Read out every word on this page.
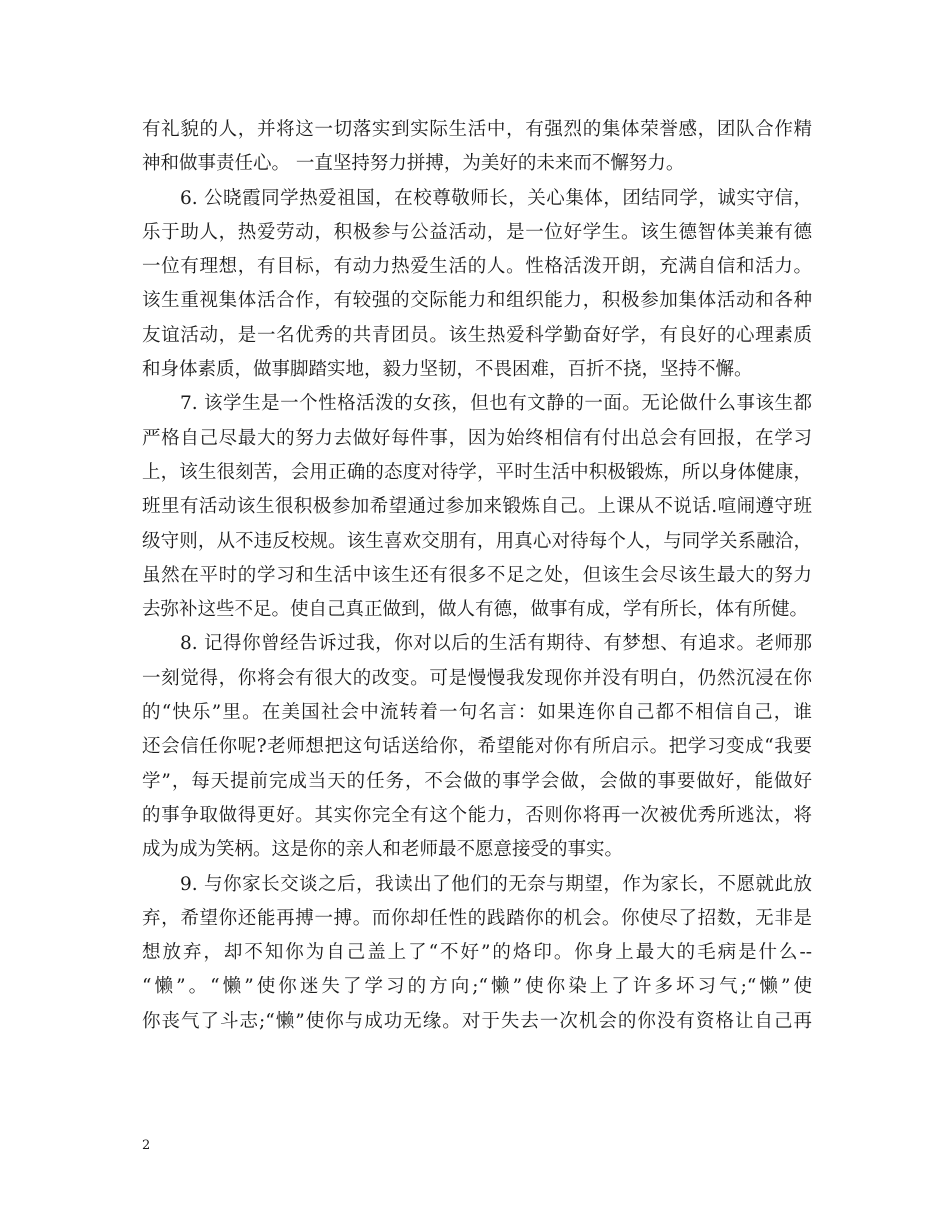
有礼貌的人，并将这一切落实到实际生活中，有强烈的集体荣誉感，团队合作精
神和做事责任心。 一直坚持努力拼搏，为美好的未来而不懈努力。
6. 公晓霞同学热爱祖国，在校尊敬师长，关心集体，团结同学，诚实守信，
乐于助人，热爱劳动，积极参与公益活动，是一位好学生。该生德智体美兼有德
一位有理想，有目标，有动力热爱生活的人。性格活泼开朗，充满自信和活力。
该生重视集体活合作，有较强的交际能力和组织能力，积极参加集体活动和各种
友谊活动，是一名优秀的共青团员。该生热爱科学勤奋好学，有良好的心理素质
和身体素质，做事脚踏实地，毅力坚韧，不畏困难，百折不挠，坚持不懈。
7. 该学生是一个性格活泼的女孩，但也有文静的一面。无论做什么事该生都
严格自己尽最大的努力去做好每件事，因为始终相信有付出总会有回报，在学习
上，该生很刻苦，会用正确的态度对待学，平时生活中积极锻炼，所以身体健康，
班里有活动该生很积极参加希望通过参加来锻炼自己。上课从不说话.喧闹遵守班
级守则，从不违反校规。该生喜欢交朋有，用真心对待每个人，与同学关系融洽，
虽然在平时的学习和生活中该生还有很多不足之处，但该生会尽该生最大的努力
去弥补这些不足。使自己真正做到，做人有德，做事有成，学有所长，体有所健。
8. 记得你曾经告诉过我，你对以后的生活有期待、有梦想、有追求。老师那
一刻觉得，你将会有很大的改变。可是慢慢我发现你并没有明白，仍然沉浸在你
的“快乐”里。在美国社会中流转着一句名言：如果连你自己都不相信自己，谁
还会信任你呢?老师想把这句话送给你，希望能对你有所启示。把学习变成“我要
学”，每天提前完成当天的任务，不会做的事学会做，会做的事要做好，能做好
的事争取做得更好。其实你完全有这个能力，否则你将再一次被优秀所逃汰，将
成为成为笑柄。这是你的亲人和老师最不愿意接受的事实。
9. 与你家长交谈之后，我读出了他们的无奈与期望，作为家长，不愿就此放
弃，希望你还能再搏一搏。而你却任性的践踏你的机会。你使尽了招数，无非是
想放弃，却不知你为自己盖上了“不好”的烙印。你身上最大的毛病是什么--
“懒”。“懒”使你迷失了学习的方向;“懒”使你染上了许多坏习气;“懒”使
你丧气了斗志;“懒”使你与成功无缘。对于失去一次机会的你没有资格让自己再
2
